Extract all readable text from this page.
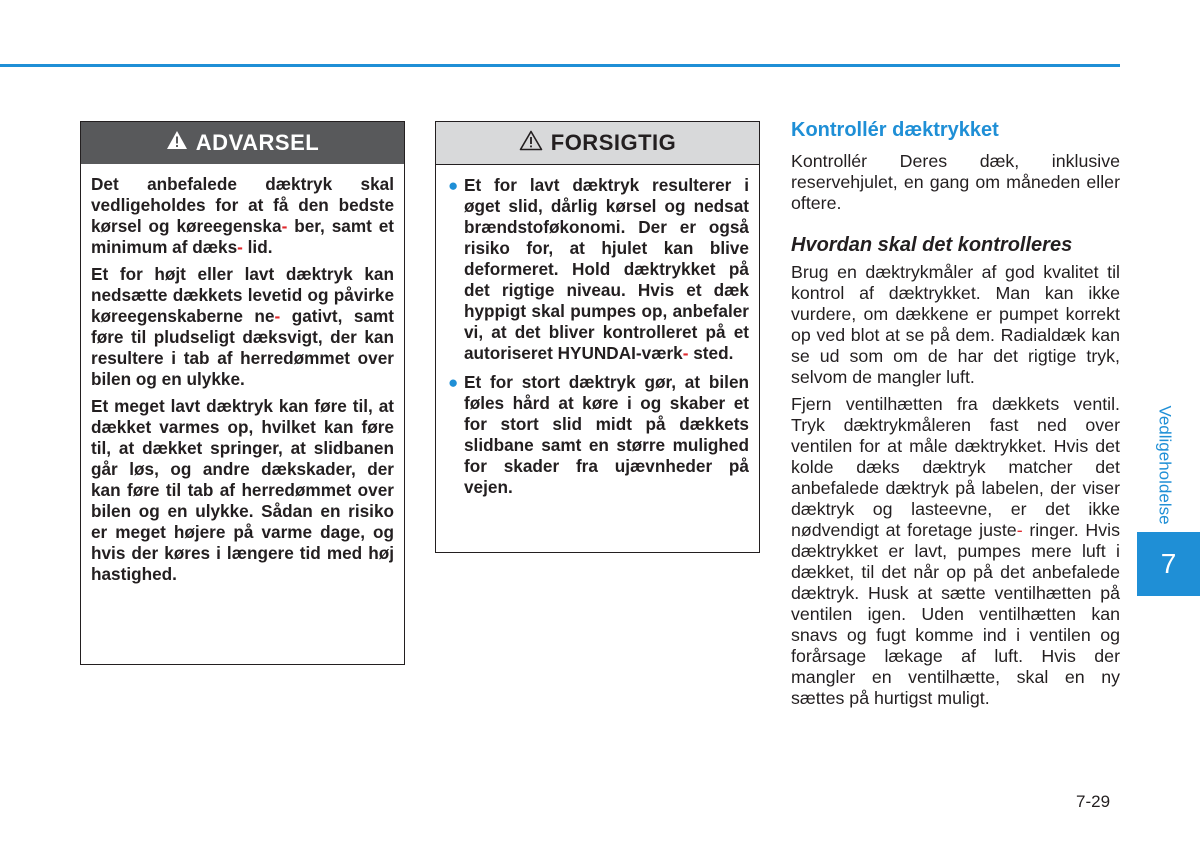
ADVARSEL

Det anbefalede dæktryk skal vedligeholdes for at få den bedste kørsel og køreegenska- ber, samt et minimum af dæks- lid.

Et for højt eller lavt dæktryk kan nedsætte dækkets levetid og påvirke køreegenskaberne ne- gativt, samt føre til pludseligt dæksvigt, der kan resultere i tab af herredømmet over bilen og en ulykke.

Et meget lavt dæktryk kan føre til, at dækket varmes op, hvilket kan føre til, at dækket springer, at slidbanen går løs, og andre dækskader, der kan føre til tab af herredømmet over bilen og en ulykke. Sådan en risiko er meget højere på varme dage, og hvis der køres i længere tid med høj hastighed.

FORSIGTIG
● Et for lavt dæktryk resulterer i øget slid, dårlig kørsel og nedsat brændstoføkonomi. Der er også risiko for, at hjulet kan blive deformeret. Hold dæktrykket på det rigtige niveau. Hvis et dæk hyppigt skal pumpes op, anbefaler vi, at det bliver kontrolleret på et autoriseret HYUNDAI-værk- sted.
● Et for stort dæktryk gør, at bilen føles hård at køre i og skaber et for stort slid midt på dækkets slidbane samt en større mulighed for skader fra ujævnheder på vejen.
Kontrollér dæktrykket

Kontrollér Deres dæk, inklusive reservehjulet, en gang om måneden eller oftere.

Hvordan skal det kontrolleres

Brug en dæktrykmåler af god kvalitet til kontrol af dæktrykket. Man kan ikke vurdere, om dækkene er pumpet korrekt op ved blot at se på dem. Radialdæk kan se ud som om de har det rigtige tryk, selvom de mangler luft.

Fjern ventilhætten fra dækkets ventil. Tryk dæktrykmåleren fast ned over ventilen for at måle dæktrykket. Hvis det kolde dæks dæktryk matcher det anbefalede dæktryk på labelen, der viser dæktryk og lasteevne, er det ikke nødvendigt at foretage juste- ringer. Hvis dæktrykket er lavt, pumpes mere luft i dækket, til det når op på det anbefalede dæktryk. Husk at sætte ventilhætten på ventilen igen. Uden ventilhætten kan snavs og fugt komme ind i ventilen og forårsage lækage af luft. Hvis der mangler en ventilhætte, skal en ny sættes på hurtigst muligt.

Vedligeholdelse
7
7-29
